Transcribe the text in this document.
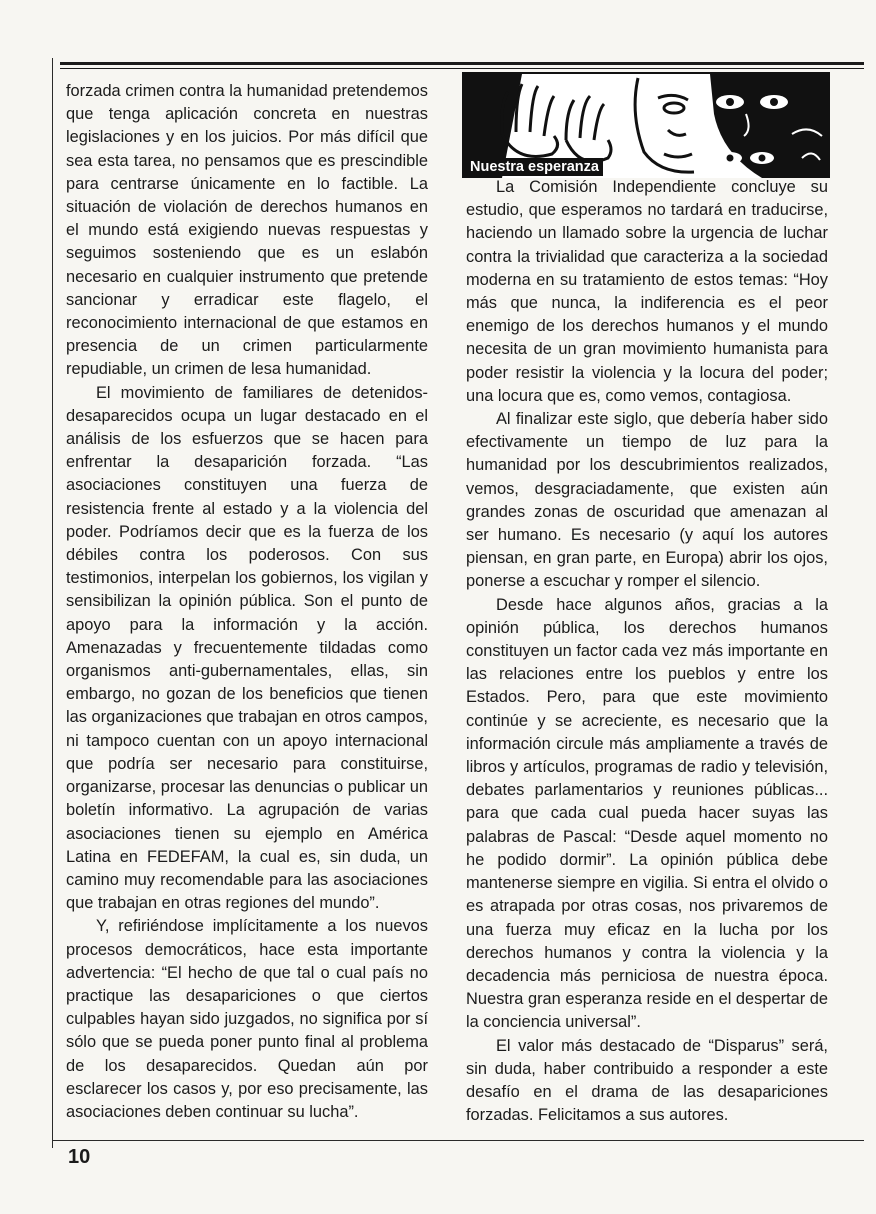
forzada crimen contra la humanidad pretendemos que tenga aplicación concreta en nuestras legislaciones y en los juicios. Por más difícil que sea esta tarea, no pensamos que es prescindible para centrarse únicamente en lo factible. La situación de violación de derechos humanos en el mundo está exigiendo nuevas respuestas y seguimos sosteniendo que es un eslabón necesario en cualquier instrumento que pretende sancionar y erradicar este flagelo, el reconocimiento internacional de que estamos en presencia de un crimen particularmente repudiable, un crimen de lesa humanidad.

El movimiento de familiares de detenidos-desaparecidos ocupa un lugar destacado en el análisis de los esfuerzos que se hacen para enfrentar la desaparición forzada. “Las asociaciones constituyen una fuerza de resistencia frente al estado y a la violencia del poder. Podríamos decir que es la fuerza de los débiles contra los poderosos. Con sus testimonios, interpelan los gobiernos, los vigilan y sensibilizan la opinión pública. Son el punto de apoyo para la información y la acción. Amenazadas y frecuentemente tildadas como organismos anti-gubernamentales, ellas, sin embargo, no gozan de los beneficios que tienen las organizaciones que trabajan en otros campos, ni tampoco cuentan con un apoyo internacional que podría ser necesario para constituirse, organizarse, procesar las denuncias o publicar un boletín informativo. La agrupación de varias asociaciones tienen su ejemplo en América Latina en FEDEFAM, la cual es, sin duda, un camino muy recomendable para las asociaciones que trabajan en otras regiones del mundo”.

Y, refiriéndose implícitamente a los nuevos procesos democráticos, hace esta importante advertencia: “El hecho de que tal o cual país no practique las desapariciones o que ciertos culpables hayan sido juzgados, no significa por sí sólo que se pueda poner punto final al problema de los desaparecidos. Quedan aún por esclarecer los casos y, por eso precisamente, las asociaciones deben continuar su lucha”.

Nuestra esperanza

La Comisión Independiente concluye su estudio, que esperamos no tardará en traducirse, haciendo un llamado sobre la urgencia de luchar contra la trivialidad que caracteriza a la sociedad moderna en su tratamiento de estos temas: “Hoy más que nunca, la indiferencia es el peor enemigo de los derechos humanos y el mundo necesita de un gran movimiento humanista para poder resistir la violencia y la locura del poder; una locura que es, como vemos, contagiosa.

Al finalizar este siglo, que debería haber sido efectivamente un tiempo de luz para la humanidad por los descubrimientos realizados, vemos, desgraciadamente, que existen aún grandes zonas de oscuridad que amenazan al ser humano. Es necesario (y aquí los autores piensan, en gran parte, en Europa) abrir los ojos, ponerse a escuchar y romper el silencio.

Desde hace algunos años, gracias a la opinión pública, los derechos humanos constituyen un factor cada vez más importante en las relaciones entre los pueblos y entre los Estados. Pero, para que este movimiento continúe y se acreciente, es necesario que la información circule más ampliamente a través de libros y artículos, programas de radio y televisión, debates parlamentarios y reuniones públicas... para que cada cual pueda hacer suyas las palabras de Pascal: “Desde aquel momento no he podido dormir”. La opinión pública debe mantenerse siempre en vigilia. Si entra el olvido o es atrapada por otras cosas, nos privaremos de una fuerza muy eficaz en la lucha por los derechos humanos y contra la violencia y la decadencia más perniciosa de nuestra época. Nuestra gran esperanza reside en el despertar de la conciencia universal”.

El valor más destacado de “Disparus” será, sin duda, haber contribuido a responder a este desafío en el drama de las desapariciones forzadas. Felicitamos a sus autores.

10
